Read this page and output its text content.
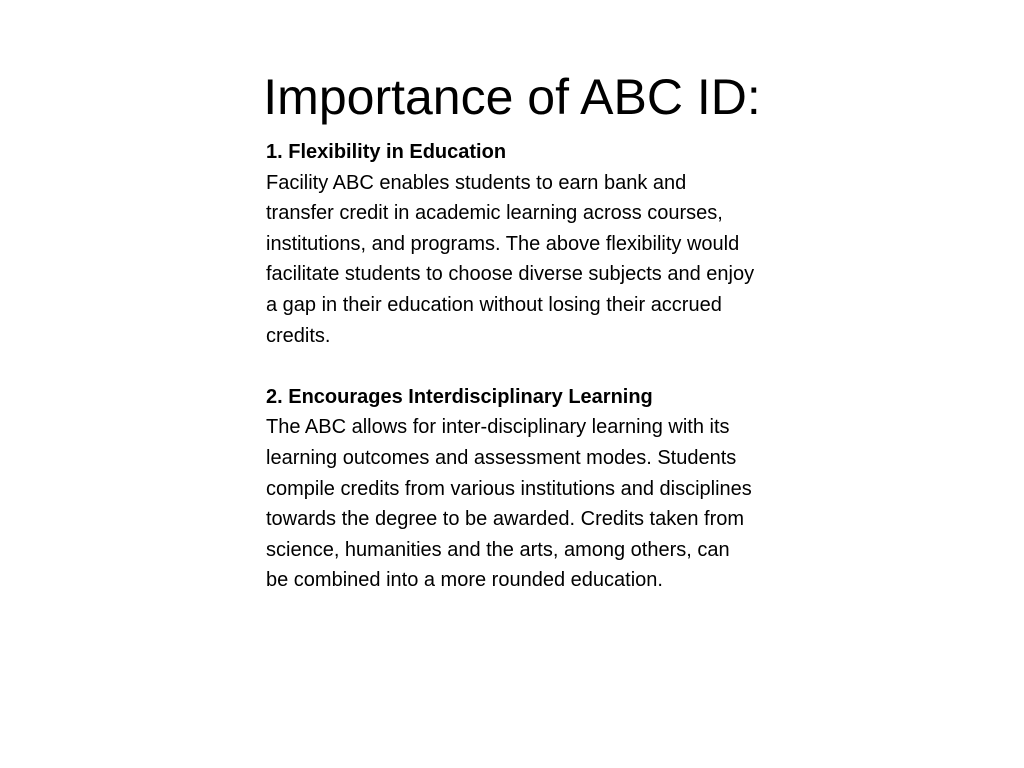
Importance of ABC ID:

1. Flexibility in Education
Facility ABC enables students to earn bank and transfer credit in academic learning across courses, institutions, and programs. The above flexibility would facilitate students to choose diverse subjects and enjoy a gap in their education without losing their accrued credits.

2. Encourages Interdisciplinary Learning
The ABC allows for inter-disciplinary learning with its learning outcomes and assessment modes. Students compile credits from various institutions and disciplines towards the degree to be awarded. Credits taken from science, humanities and the arts, among others, can be combined into a more rounded education.
